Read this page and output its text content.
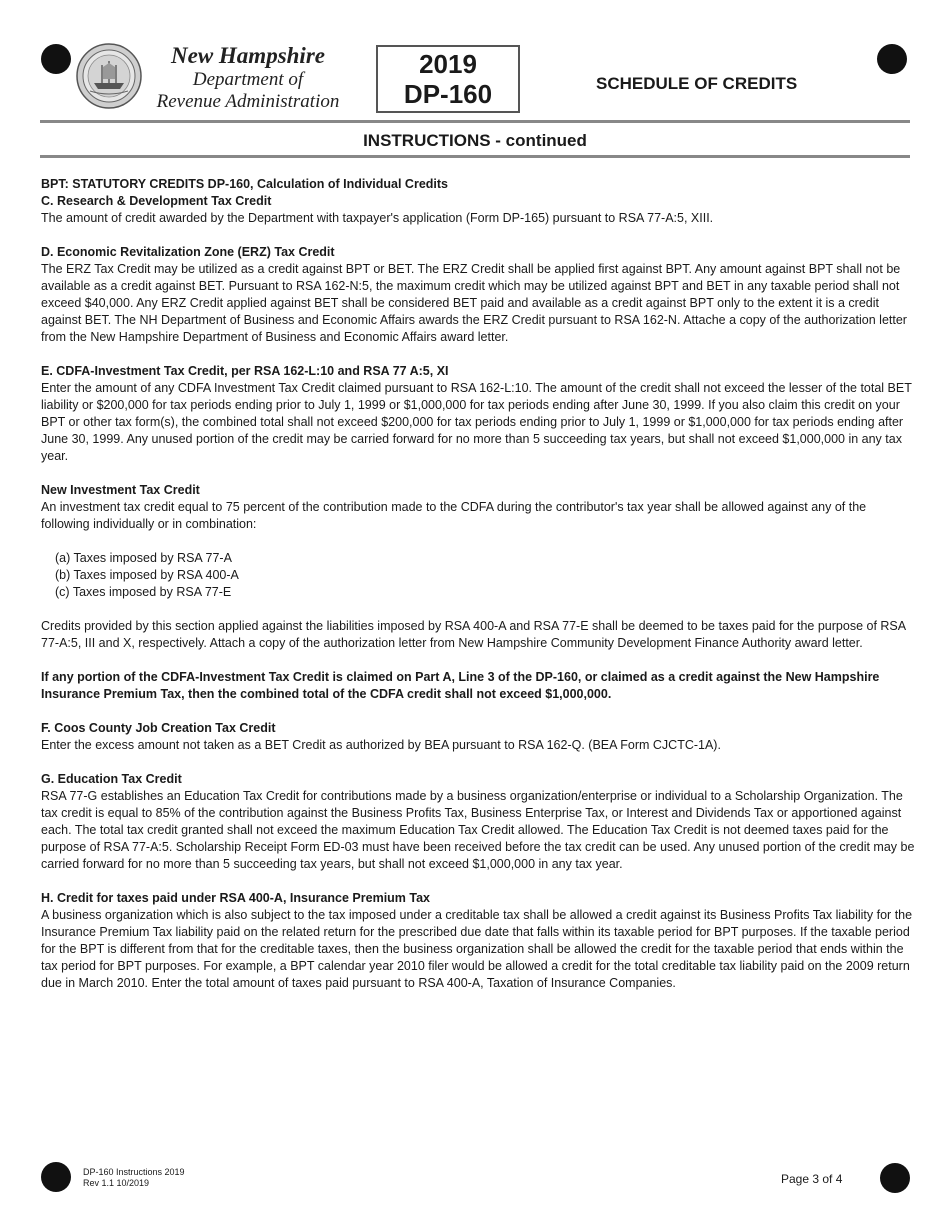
New Hampshire
Department of
Revenue Administration
2019
DP-160	SCHEDULE OF CREDITS
INSTRUCTIONS - continued

BPT: STATUTORY CREDITS DP-160, Calculation of Individual Credits

C. Research & Development Tax Credit

The amount of credit awarded by the Department with taxpayer's application (Form DP-165) pursuant to RSA 77-A:5, XIII.

D. Economic Revitalization Zone (ERZ) Tax Credit

The ERZ Tax Credit may be utilized as a credit against BPT or BET. The ERZ Credit shall be applied first against BPT. Any amount against BPT shall not be available as a credit against BET. Pursuant to RSA 162-N:5, the maximum credit which may be utilized against BPT and BET in any taxable period shall not exceed $40,000. Any ERZ Credit applied against BET shall be considered BET paid and available as a credit against BPT only to the extent it is a credit against BET. The NH Department of Business and Economic Affairs awards the ERZ Credit pursuant to RSA 162-N. Attache a copy of the authorization letter from the New Hampshire Department of Business and Economic Affairs award letter.

E. CDFA-Investment Tax Credit, per RSA 162-L:10 and RSA 77 A:5, XI

Enter the amount of any CDFA Investment Tax Credit claimed pursuant to RSA 162-L:10. The amount of the credit shall not exceed the lesser of the total BET liability or $200,000 for tax periods ending prior to July 1, 1999 or $1,000,000 for tax periods ending after June 30, 1999. If you also claim this credit on your BPT or other tax form(s), the combined total shall not exceed $200,000 for tax periods ending prior to July 1, 1999 or $1,000,000 for tax periods ending after June 30, 1999. Any unused portion of the credit may be carried forward for no more than 5 succeeding tax years, but shall not exceed $1,000,000 in any tax year.

New Investment Tax Credit

An investment tax credit equal to 75 percent of the contribution made to the CDFA during the contributor's tax year shall be allowed against any of the following individually or in combination:

(a) Taxes imposed by RSA 77-A

(b) Taxes imposed by RSA 400-A

(c) Taxes imposed by RSA 77-E

Credits provided by this section applied against the liabilities imposed by RSA 400-A and RSA 77-E shall be deemed to be taxes paid for the purpose of RSA 77-A:5, III and X, respectively. Attach a copy of the authorization letter from New Hampshire Community Development Finance Authority award letter.

If any portion of the CDFA-Investment Tax Credit is claimed on Part A, Line 3 of the DP-160, or claimed as a credit against the New Hampshire Insurance Premium Tax, then the combined total of the CDFA credit shall not exceed $1,000,000.

F. Coos County Job Creation Tax Credit

Enter the excess amount not taken as a BET Credit as authorized by BEA pursuant to RSA 162-Q. (BEA Form CJCTC-1A).

G. Education Tax Credit

RSA 77-G establishes an Education Tax Credit for contributions made by a business organization/enterprise or individual to a Scholarship Organization. The tax credit is equal to 85% of the contribution against the Business Profits Tax, Business Enterprise Tax, or Interest and Dividends Tax or apportioned against each. The total tax credit granted shall not exceed the maximum Education Tax Credit allowed. The Education Tax Credit is not deemed taxes paid for the purpose of RSA 77-A:5. Scholarship Receipt Form ED-03 must have been received before the tax credit can be used. Any unused portion of the credit may be carried forward for no more than 5 succeeding tax years, but shall not exceed $1,000,000 in any tax year.

H. Credit for taxes paid under RSA 400-A, Insurance Premium Tax

A business organization which is also subject to the tax imposed under a creditable tax shall be allowed a credit against its Business Profits Tax liability for the Insurance Premium Tax liability paid on the related return for the prescribed due date that falls within its taxable period for BPT purposes. If the taxable period for the BPT is different from that for the creditable taxes, then the business organization shall be allowed the credit for the taxable period that ends within the tax period for BPT purposes. For example, a BPT calendar year 2010 filer would be allowed a credit for the total creditable tax liability paid on the 2009 return due in March 2010. Enter the total amount of taxes paid pursuant to RSA 400-A, Taxation of Insurance Companies.

DP-160 Instructions 2019
Rev 1.1 10/2019	Page 3 of 4
